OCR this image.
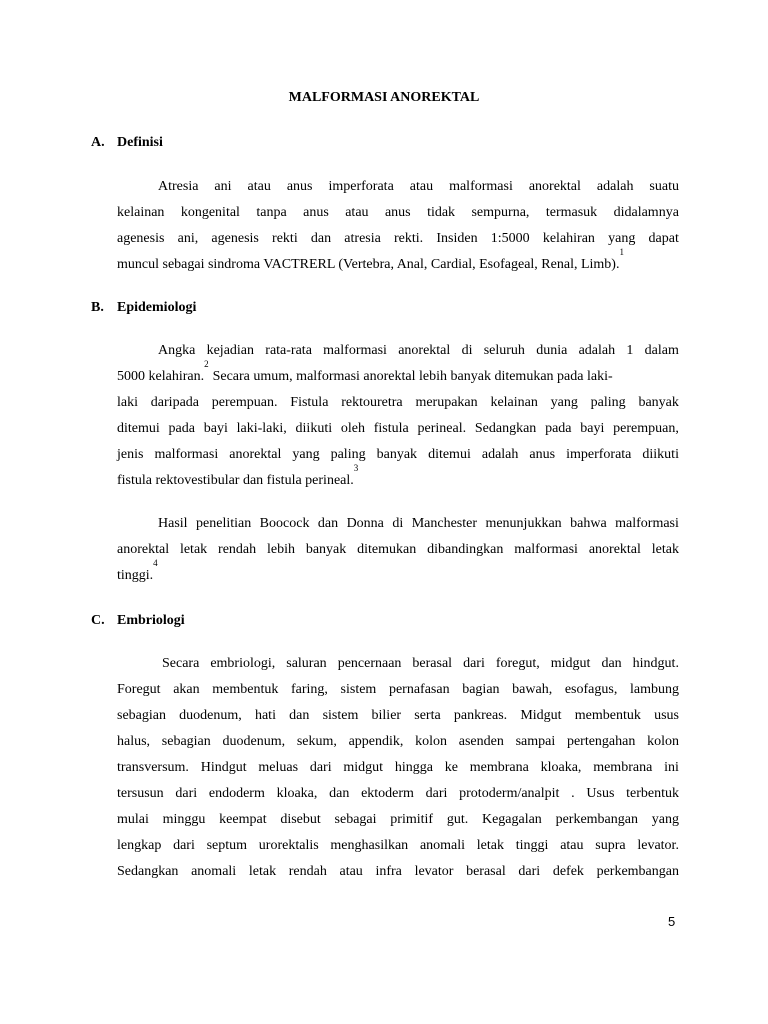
MALFORMASI ANOREKTAL
A. Definisi
Atresia ani atau anus imperforata atau malformasi anorektal adalah suatu
kelainan kongenital tanpa anus atau anus tidak sempurna, termasuk didalamnya
agenesis ani, agenesis rekti dan atresia rekti. Insiden 1:5000 kelahiran yang dapat
muncul sebagai sindroma VACTRERL (Vertebra, Anal, Cardial, Esofageal, Renal, Limb).
1
B. Epidemiologi
Angka kejadian rata-rata malformasi anorektal di seluruh dunia adalah 1 dalam
5000 kelahiran.
2
Secara umum, malformasi anorektal lebih banyak ditemukan pada laki-
laki daripada perempuan. Fistula rektouretra merupakan kelainan yang paling banyak
ditemui pada bayi laki-laki, diikuti oleh fistula perineal. Sedangkan pada bayi perempuan,
jenis malformasi anorektal yang paling banyak ditemui adalah anus imperforata diikuti
fistula rektovestibular dan fistula perineal.
3
Hasil penelitian Boocock dan Donna di Manchester menunjukkan bahwa malformasi
anorektal letak rendah lebih banyak ditemukan dibandingkan malformasi anorektal letak
tinggi.
4
C. Embriologi
Secara embriologi, saluran pencernaan berasal dari foregut, midgut dan hindgut.
Foregut akan membentuk faring, sistem pernafasan bagian bawah, esofagus, lambung
sebagian duodenum, hati dan sistem bilier serta pankreas. Midgut membentuk usus
halus, sebagian duodenum, sekum, appendik, kolon asenden sampai pertengahan kolon
transversum. Hindgut meluas dari midgut hingga ke membrana kloaka, membrana ini
tersusun dari endoderm kloaka, dan ektoderm dari protoderm/analpit . Usus terbentuk
mulai minggu keempat disebut sebagai primitif gut. Kegagalan perkembangan yang
lengkap dari septum urorektalis menghasilkan anomali letak tinggi atau supra levator.
Sedangkan anomali letak rendah atau infra levator berasal dari defek perkembangan
5
